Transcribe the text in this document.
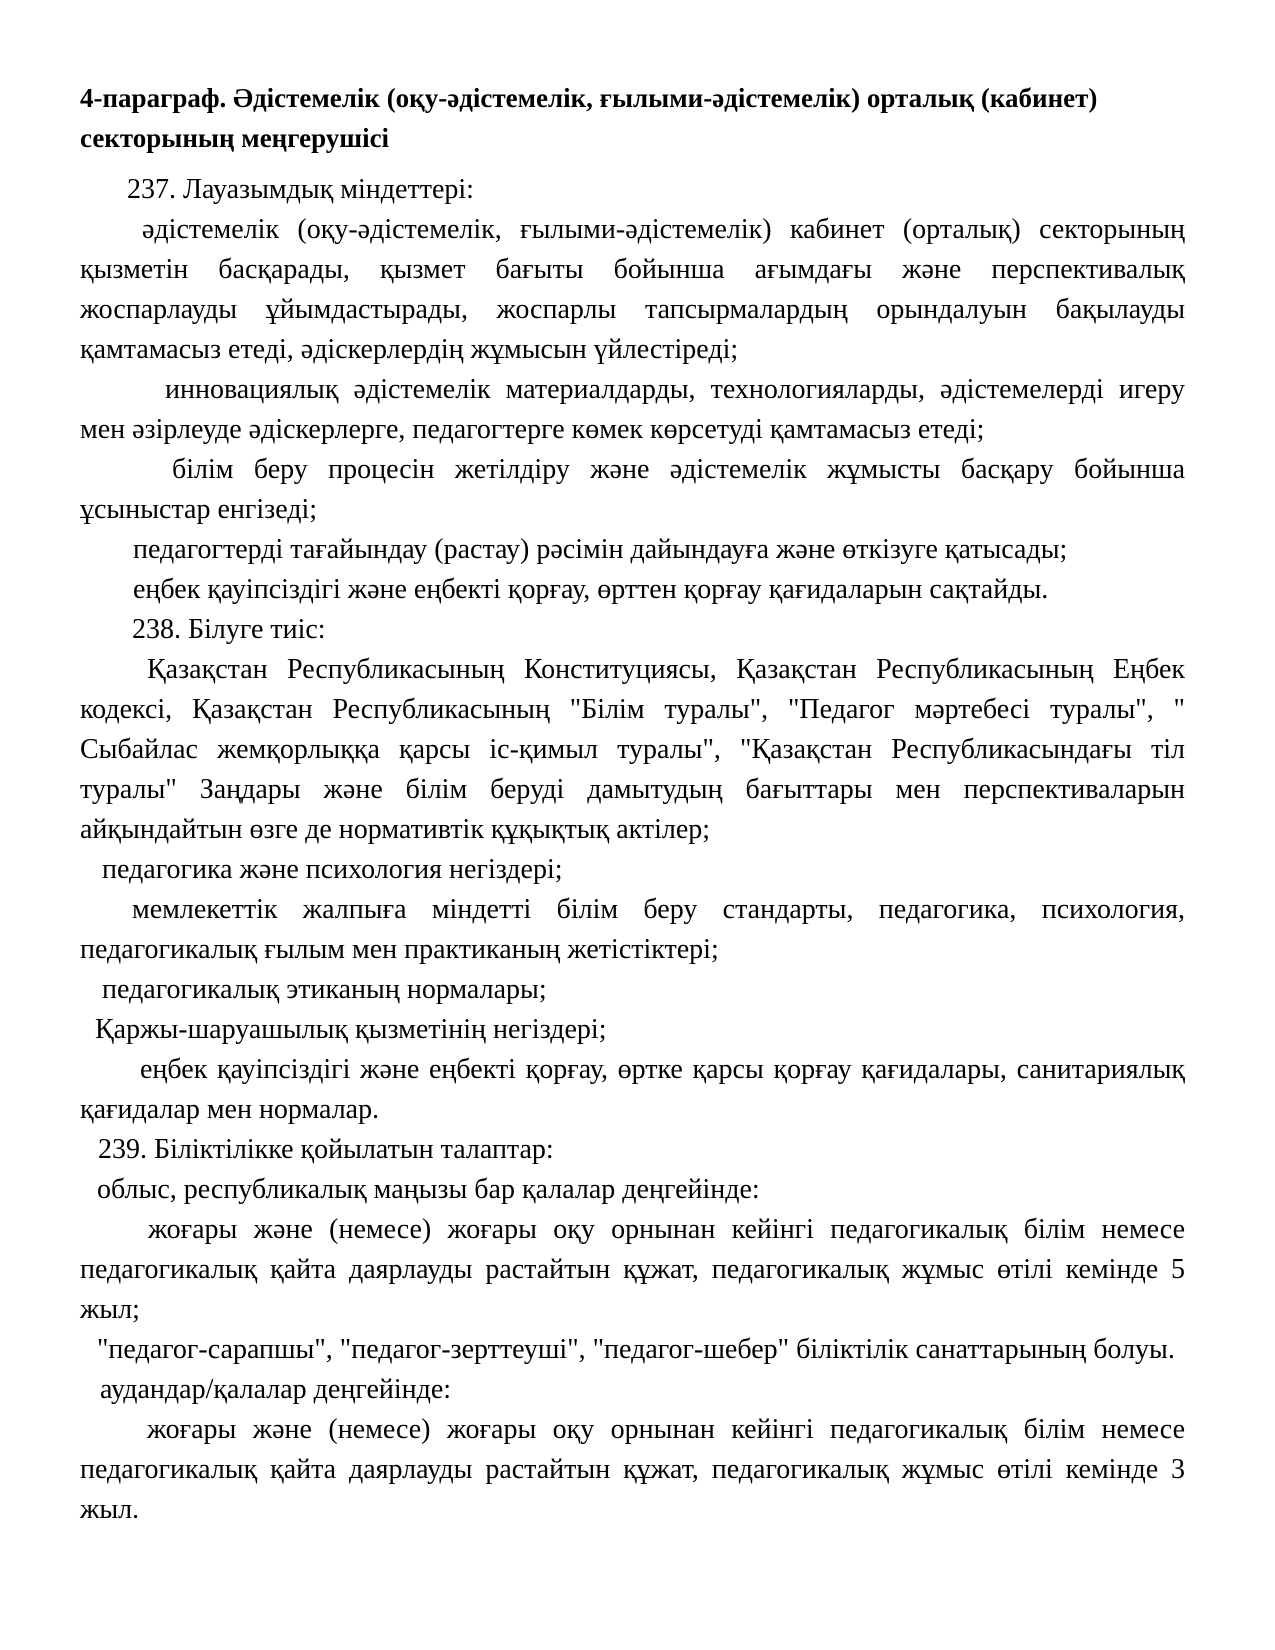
4-параграф. Әдістемелік (оқу-әдістемелік, ғылыми-әдістемелік) орталық (кабинет) секторының меңгерушісі

237. Лауазымдық міндеттері:

әдістемелік (оқу-әдістемелік, ғылыми-әдістемелік) кабинет (орталық) секторының қызметін басқарады, қызмет бағыты бойынша ағымдағы және перспективалық жоспарлауды ұйымдастырады, жоспарлы тапсырмалардың орындалуын бақылауды қамтамасыз етеді, әдіскерлердің жұмысын үйлестіреді;

инновациялық әдістемелік материалдарды, технологияларды, әдістемелерді игеру мен әзірлеуде әдіскерлерге, педагогтерге көмек көрсетуді қамтамасыз етеді;

білім беру процесін жетілдіру және әдістемелік жұмысты басқару бойынша ұсыныстар енгізеді;

педагогтерді тағайындау (растау) рәсімін дайындауға және өткізуге қатысады;

еңбек қауіпсіздігі және еңбекті қорғау, өрттен қорғау қағидаларын сақтайды.

238. Білуге тиіс:

Қазақстан Республикасының Конституциясы, Қазақстан Республикасының Еңбек кодексі, Қазақстан Республикасының "Білім туралы", "Педагог мәртебесі туралы", " Сыбайлас жемқорлыққа қарсы іс-қимыл туралы", "Қазақстан Республикасындағы тіл туралы" Заңдары және білім беруді дамытудың бағыттары мен перспективаларын айқындайтын өзге де нормативтік құқықтық актілер;

педагогика және психология негіздері;

мемлекеттік жалпыға міндетті білім беру стандарты, педагогика, психология, педагогикалық ғылым мен практиканың жетістіктері;

педагогикалық этиканың нормалары;

Қаржы-шаруашылық қызметінің негіздері;

еңбек қауіпсіздігі және еңбекті қорғау, өртке қарсы қорғау қағидалары, санитариялық қағидалар мен нормалар.

239. Біліктілікке қойылатын талаптар:

облыс, республикалық маңызы бар қалалар деңгейінде:

жоғары және (немесе) жоғары оқу орнынан кейінгі педагогикалық білім немесе педагогикалық қайта даярлауды растайтын құжат, педагогикалық жұмыс өтілі кемінде 5 жыл;

"педагог-сарапшы", "педагог-зерттеуші", "педагог-шебер" біліктілік санаттарының болуы.

аудандар/қалалар деңгейінде:

жоғары және (немесе) жоғары оқу орнынан кейінгі педагогикалық білім немесе педагогикалық қайта даярлауды растайтын құжат, педагогикалық жұмыс өтілі кемінде 3 жыл.
